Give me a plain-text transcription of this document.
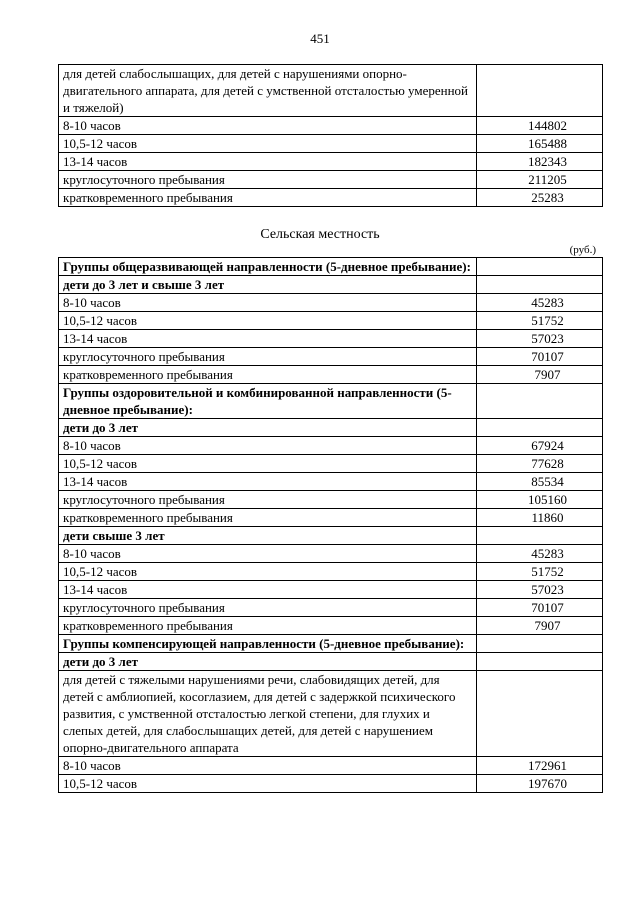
451
для детей слабослышащих, для детей с нарушениями опорно-двигательного аппарата, для детей с умственной отсталостью умеренной и тяжелой)	
8-10 часов	144802
10,5-12 часов	165488
13-14 часов	182343
круглосуточного пребывания	211205
кратковременного пребывания	25283
Сельская местность
(руб.)
Группы общеразвивающей направленности (5-дневное пребывание):	
дети до 3 лет и свыше 3 лет	
8-10 часов	45283
10,5-12 часов	51752
13-14 часов	57023
круглосуточного пребывания	70107
кратковременного пребывания	7907
Группы оздоровительной и комбинированной направленности (5-дневное пребывание):	
дети до 3 лет	
8-10 часов	67924
10,5-12 часов	77628
13-14 часов	85534
круглосуточного пребывания	105160
кратковременного пребывания	11860
дети свыше 3 лет	
8-10 часов	45283
10,5-12 часов	51752
13-14 часов	57023
круглосуточного пребывания	70107
кратковременного пребывания	7907
Группы компенсирующей направленности (5-дневное пребывание):	
дети до 3 лет	
для детей с тяжелыми нарушениями речи, слабовидящих детей, для детей с амблиопией, косоглазием, для детей с задержкой психического развития, с умственной отсталостью легкой степени, для глухих и слепых детей, для слабослышащих детей, для детей с нарушением опорно-двигательного аппарата	
8-10 часов	172961
10,5-12 часов	197670
